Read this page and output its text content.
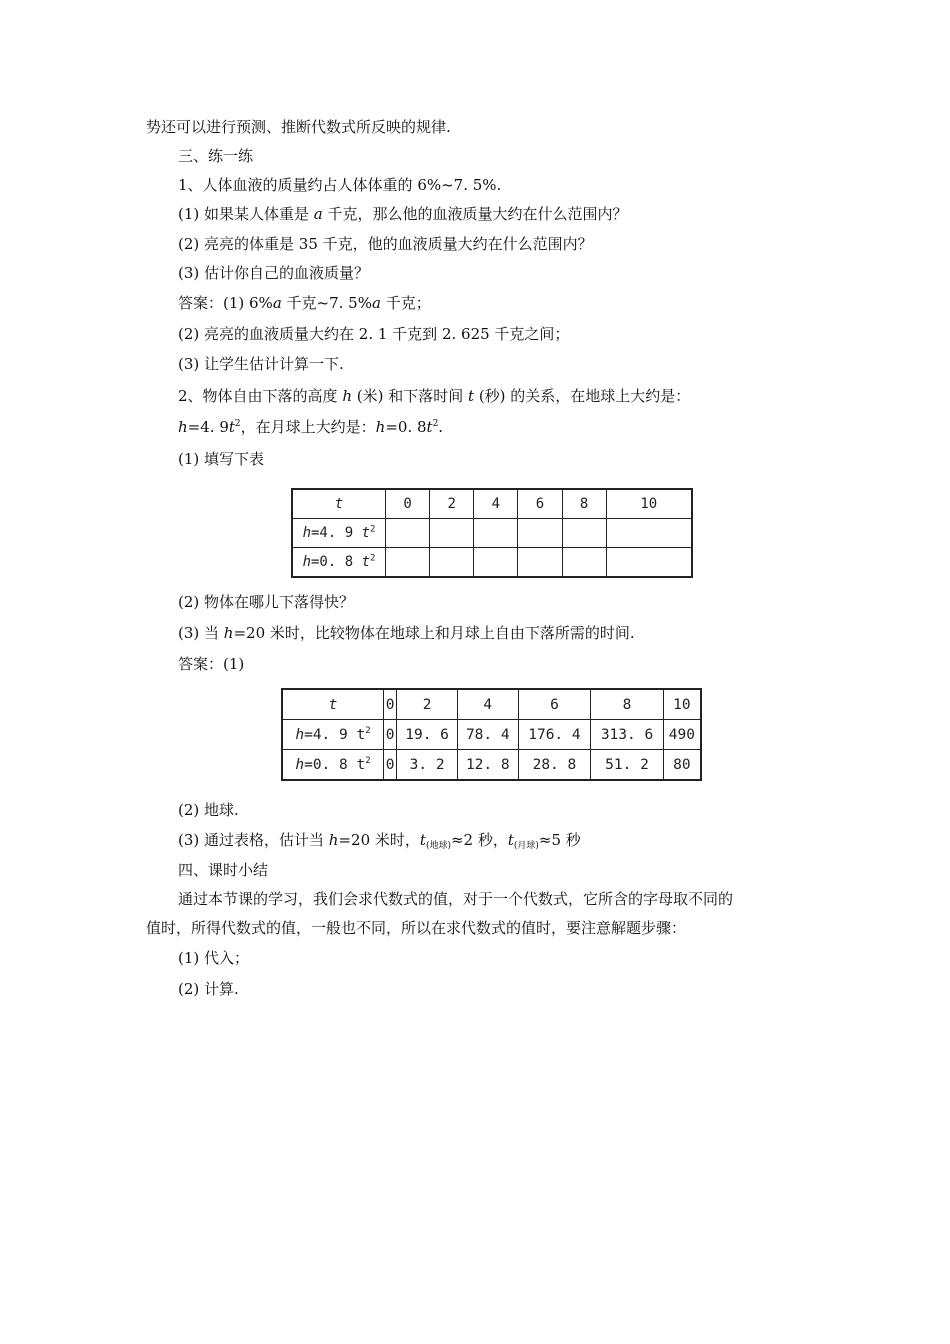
势还可以进行预测、推断代数式所反映的规律.
三、练一练
1、人体血液的质量约占人体体重的 6%~7. 5%.
(1) 如果某人体重是 a 千克，那么他的血液质量大约在什么范围内？
(2) 亮亮的体重是 35 千克，他的血液质量大约在什么范围内？
(3) 估计你自己的血液质量？
答案：(1) 6%a 千克~7. 5%a 千克；
(2) 亮亮的血液质量大约在 2. 1 千克到 2. 625 千克之间；
(3) 让学生估计计算一下.
2、物体自由下落的高度 h (米) 和下落时间 t (秒) 的关系，在地球上大约是：
h=4. $9t^2$，在月球上大约是：h=0. $8t^2$.
(1) 填写下表
t	0	2	4	6	8	10
h=4. 9 $t^2$						
h=0. 8 $t^2$						
(2) 物体在哪儿下落得快？
(3) 当 h=20 米时，比较物体在地球上和月球上自由下落所需的时间.
答案：(1)
t	0	2	4	6	8	10
h=4. 9 $t^2$	0	19. 6	78. 4	176. 4	313. 6	490
h=0. 8 $t^2$	0	3. 2	12. 8	28. 8	51. 2	80
(2) 地球.
(3) 通过表格，估计当 h=20 米时，$t_{(地球)}\approx 2$ 秒，$t_{(月球)}\approx 5$ 秒
四、课时小结
通过本节课的学习，我们会求代数式的值，对于一个代数式，它所含的字母取不同的
值时，所得代数式的值，一般也不同，所以在求代数式的值时，要注意解题步骤：
(1) 代入；
(2) 计算.
